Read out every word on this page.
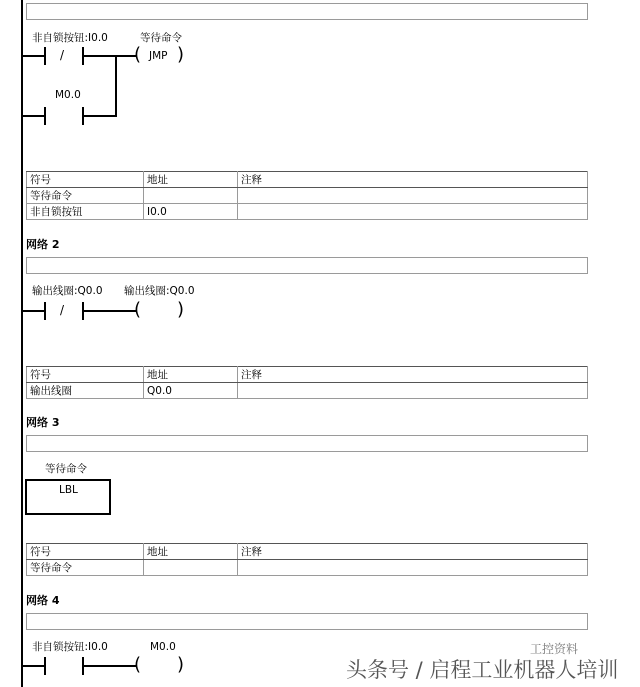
非自锁按钮:I0.0
/
等待命令
( JMP )
M0.0
符号	地址	注释
等待命令		
非自锁按钮	I0.0	
网络 2
输出线圈:Q0.0
/
输出线圈:Q0.0
( )
符号	地址	注释
输出线圈	Q0.0	
网络 3
等待命令
LBL
符号	地址	注释
等待命令		
网络 4
非自锁按钮:I0.0	M0.0
( )
工控资料
头条号 / 启程工业机器人培训
